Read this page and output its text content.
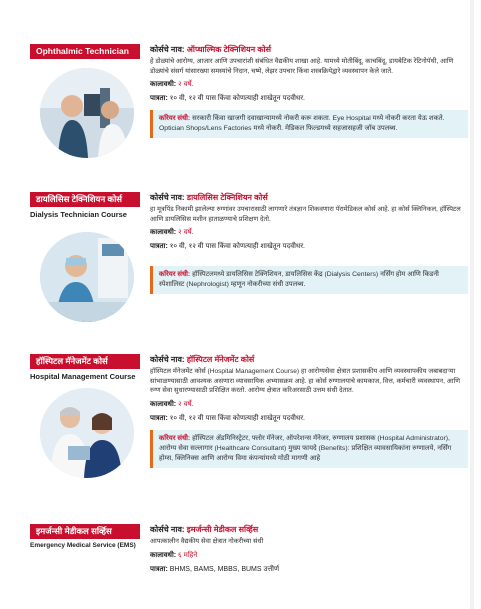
Ophthalmic Technician	कोर्सचे नाव: ऑप्थाल्मिक टेक्निशियन कोर्स

हे डोळ्यांचे आरोग्य, आजार आणि उपचारांशी संबंधित वैद्यकीय शाखा आहे. यामध्ये मोतीबिंदू, काचबिंदू, डायबेटिक रेटिनोपॅथी, आणि डोळ्यांचे संसर्ग यांसारख्या समस्यांचे निदान, चष्मे, लेझर उपचार किंवा शस्त्रक्रियेद्वारे व्यवस्थापन केले जाते.

कालावधी: २ वर्षे.

पात्रता: १० वी, १२ वी पास किंवा कोणत्याही शाखेतून पदवीधर.

करियर संधी: सरकारी किंवा खाजगी दवाखान्यामध्ये नोकरी करू शकता. Eye Hospital मध्ये नोकरी करता येऊ शकते. Optician Shops/Lens Factories मध्ये नोकरी. मेडिकल फिल्डमध्ये सहजासहजी जॉब उपलब्ध.
डायलिसिस टेक्निशियन कोर्स
Dialysis Technician Course
कोर्सचे नाव: डायलिसिस टेक्निशियन कोर्स

हा मूत्रपिंड निकामी झालेल्या रुग्णांवर उपचारासाठी लागणारे तंत्रज्ञान शिकवणारा पॅरामेडिकल कोर्स आहे. हा कोर्स क्लिनिकल, हॉस्पिटल आणि डायलिसिस मशीन हाताळण्याचे प्रशिक्षण देतो.

कालावधी: २ वर्षे.

पात्रता: १० वी, १२ वी पास किंवा कोणत्याही शाखेतून पदवीधर.

करियर संधी: हॉस्पिटलमध्ये डायलिसिस टेक्निशियन, डायलिसिस केंद्र (Dialysis Centers) नर्सिंग होम आणि किडनी स्पेशालिस्ट (Nephrologist) म्हणून नोकरीच्या संधी उपलब्ध.
हॉस्पिटल मॅनेजमेंट कोर्स
Hospital Management Course
कोर्सचे नाव: हॉस्पिटल मॅनेजमेंट कोर्स

हॉस्पिटल मॅनेजमेंट कोर्स (Hospital Management Course) हा आरोग्यसेवा क्षेत्रात प्रशासकीय आणि व्यवस्थापकीय जबाबदाऱ्या सांभाळण्यासाठी आवश्यक असणारा व्यावसायिक अभ्यासक्रम आहे. हा कोर्स रुग्णालयाचे कामकाज, वित्त, कर्मचारी व्यवस्थापन, आणि रुग्ण सेवा सुधारण्यासाठी प्रशिक्षित करतो. आरोग्य क्षेत्रात करिअरसाठी उत्तम संधी देतात.

कालावधी: २ वर्षे.

पात्रता: १० वी, १२ वी पास किंवा कोणत्याही शाखेतून पदवीधर.

करियर संधी: हॉस्पिटल ॲडमिनिस्ट्रेटर, फ्लोर मॅनेजर, ऑपरेशन्स मॅनेजर, रुग्णालय प्रशासक (Hospital Administrator), आरोग्य सेवा सल्लागार (Healthcare Consultant) मुख्य फायदे (Benefits): प्रशिक्षित व्यावसायिकांना रुग्णालये, नर्सिंग होम्स, क्लिनिक्स आणि आरोग्य विमा कंपन्यांमध्ये मोठी मागणी आहे
इमर्जन्सी मेडीकल सर्व्हिस
Emergency Medical Service (EMS)
कोर्सचे नाव: इमर्जन्सी मेडीकल सर्व्हिस

आपत्कालीन वैद्यकीय सेवा क्षेत्रात नोकरीच्या संधी

कालावधी: ६ महिने

पात्रता: BHMS, BAMS, MBBS, BUMS उत्तीर्ण
